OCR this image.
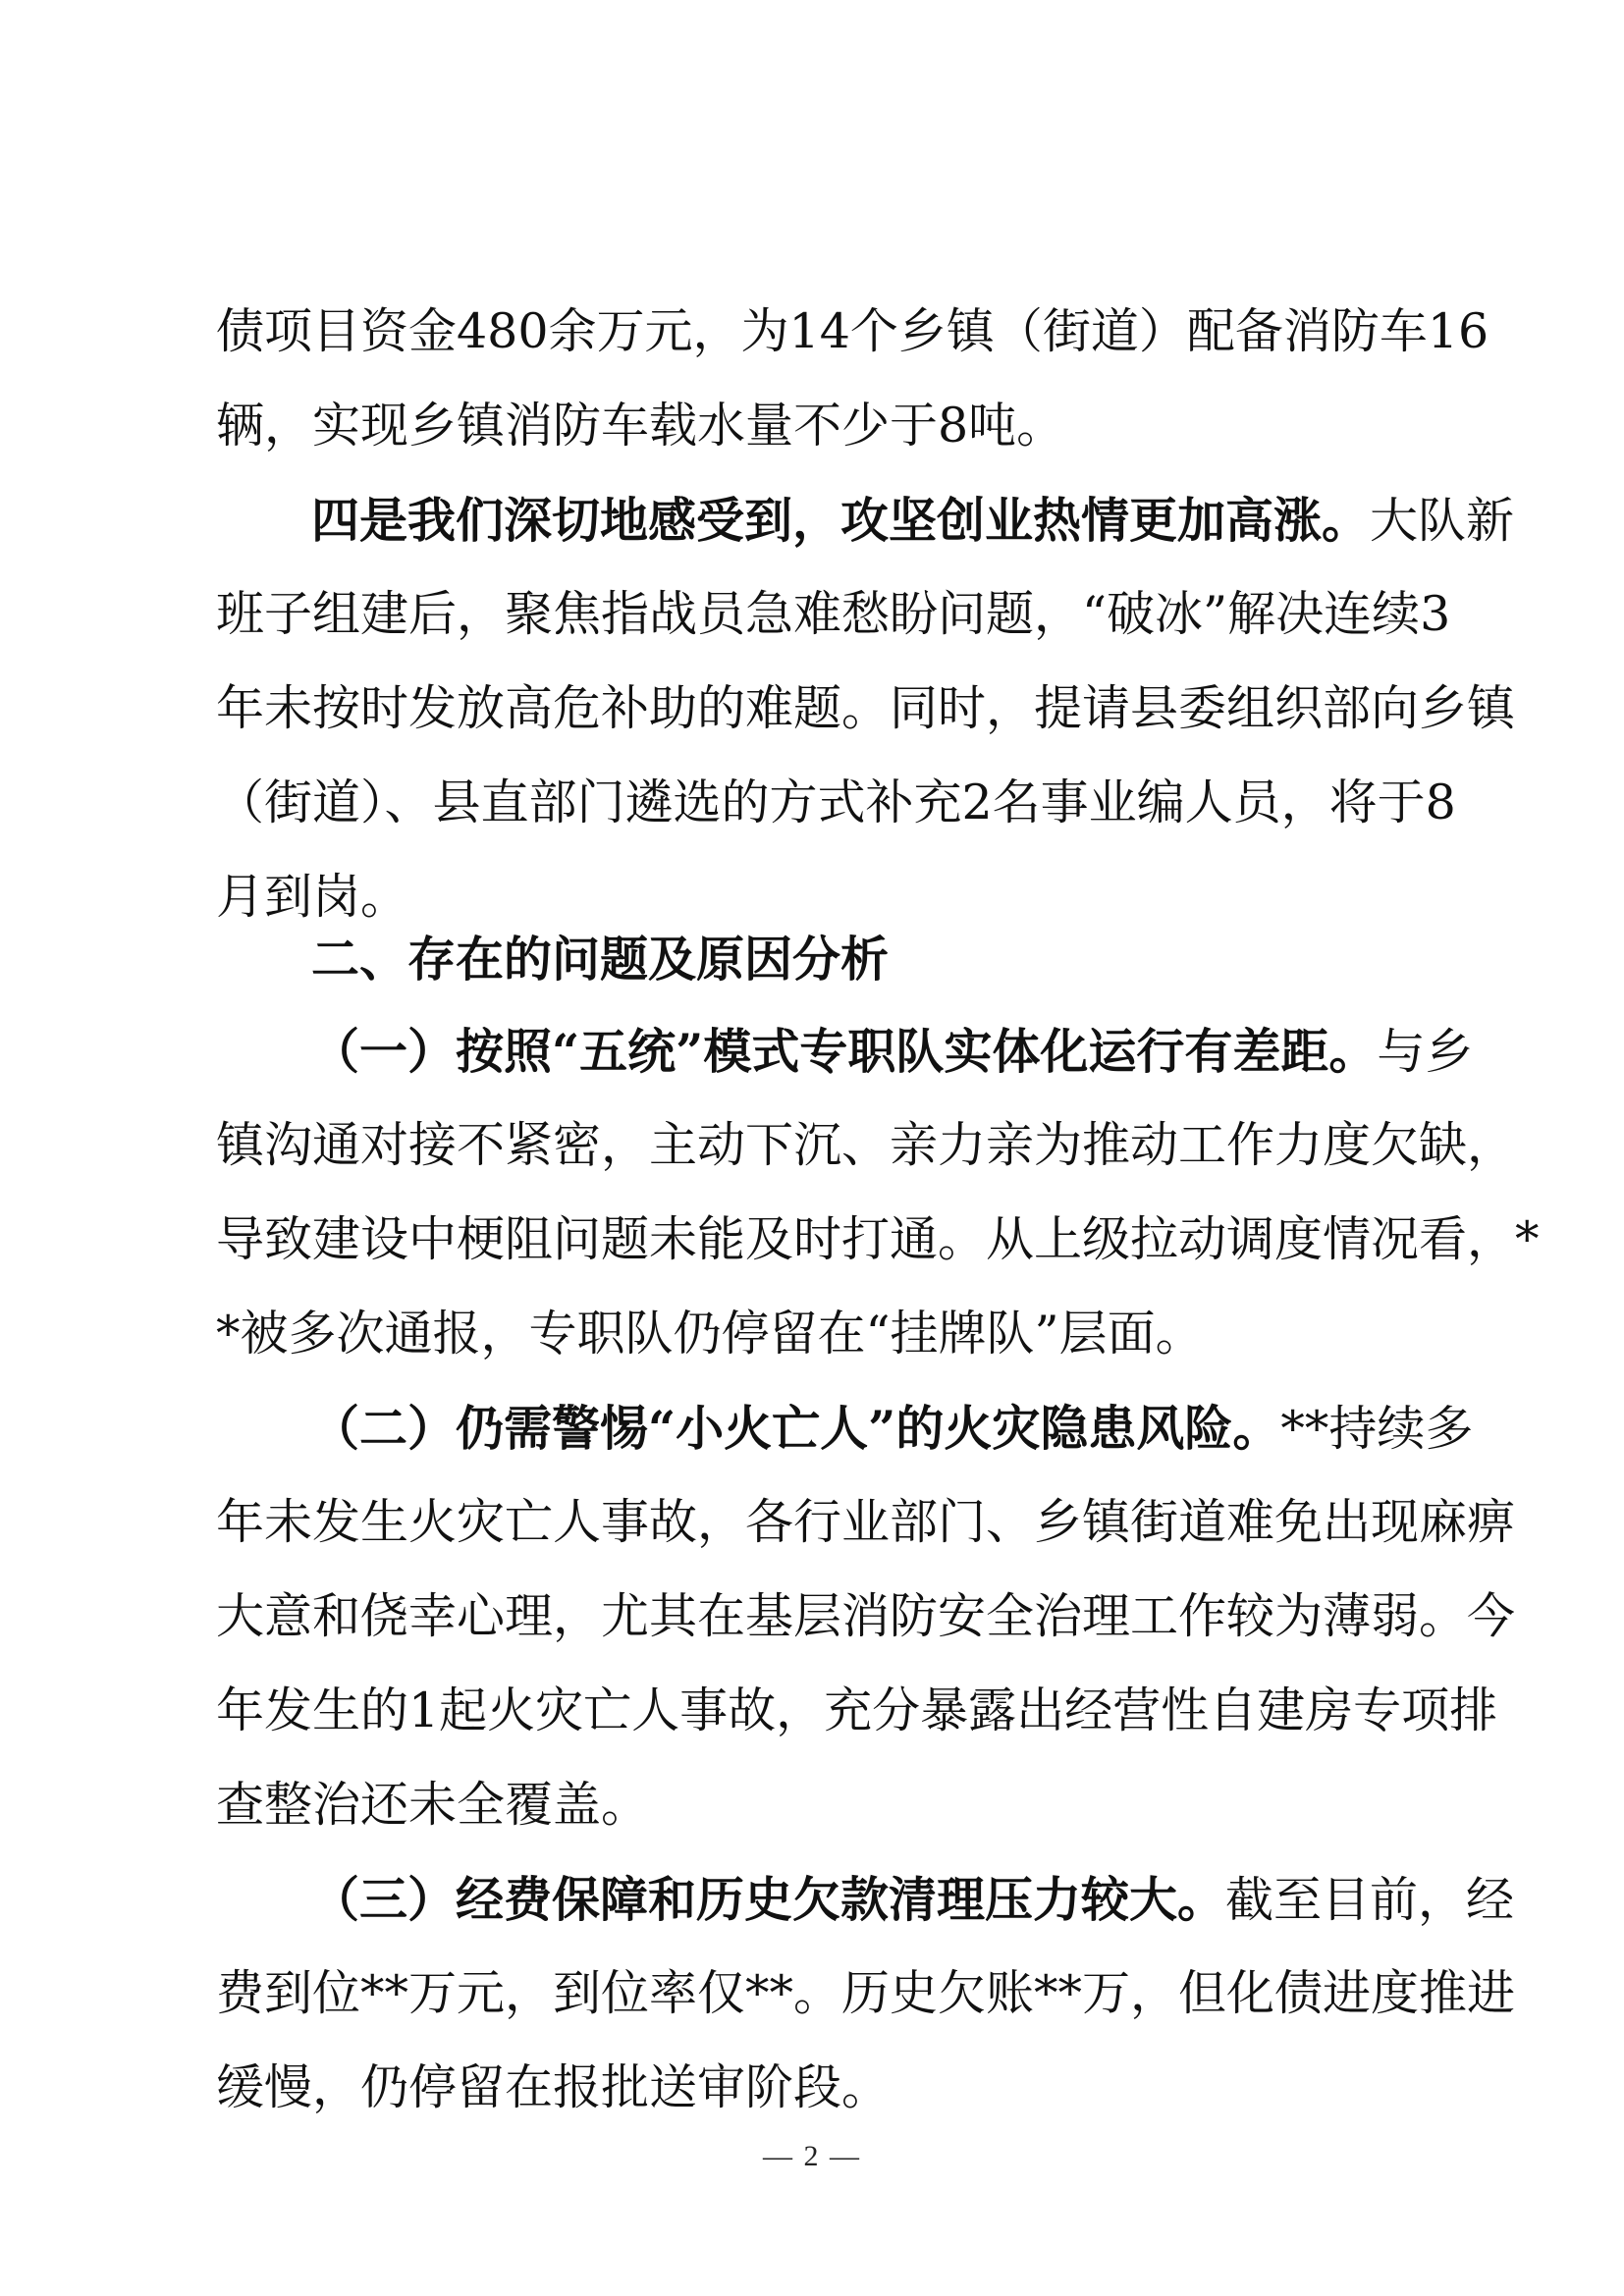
债项目资金480余万元，为14个乡镇（街道）配备消防车16

辆，实现乡镇消防车载水量不少于8吨。

四是我们深切地感受到，攻坚创业热情更加高涨。大队新

班子组建后，聚焦指战员急难愁盼问题，“破冰”解决连续3

年未按时发放高危补助的难题。同时，提请县委组织部向乡镇

（街道）、县直部门遴选的方式补充2名事业编人员，将于8

月到岗。

二、存在的问题及原因分析

（一）按照“五统”模式专职队实体化运行有差距。与乡

镇沟通对接不紧密，主动下沉、亲力亲为推动工作力度欠缺，

导致建设中梗阻问题未能及时打通。从上级拉动调度情况看，*

*被多次通报，专职队仍停留在“挂牌队”层面。

（二）仍需警惕“小火亡人”的火灾隐患风险。**持续多

年未发生火灾亡人事故，各行业部门、乡镇街道难免出现麻痹

大意和侥幸心理，尤其在基层消防安全治理工作较为薄弱。今

年发生的1起火灾亡人事故，充分暴露出经营性自建房专项排

查整治还未全覆盖。

（三）经费保障和历史欠款清理压力较大。截至目前，经

费到位**万元，到位率仅**。历史欠账**万，但化债进度推进

缓慢，仍停留在报批送审阶段。

— 2 —
